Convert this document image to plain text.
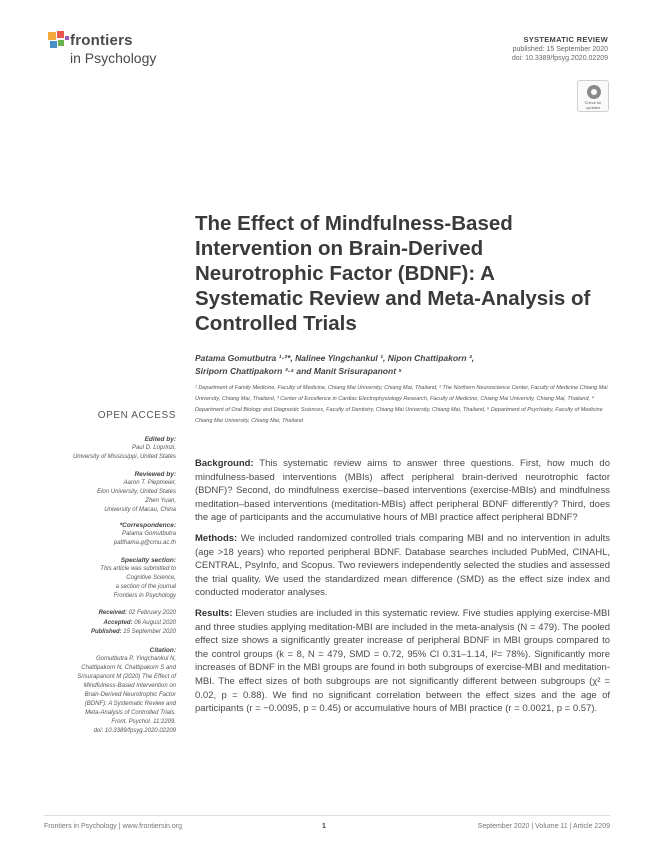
frontiers
in Psychology
SYSTEMATIC REVIEW
published: 15 September 2020
doi: 10.3389/fpsyg.2020.02209
Check for updates
The Effect of Mindfulness-Based Intervention on Brain-Derived Neurotrophic Factor (BDNF): A Systematic Review and Meta-Analysis of Controlled Trials
Patama Gomutbutra ¹·²*, Nalinee Yingchankul ¹, Nipon Chattipakorn ³,
Siriporn Chattipakorn ³·⁴ and Manit Srisurapanont ⁵
¹ Department of Family Medicine, Faculty of Medicine, Chiang Mai University, Chiang Mai, Thailand, ² The Northern Neuroscience Center, Faculty of Medicine Chiang Mai University, Chiang Mai, Thailand, ³ Center of Excellence in Cardiac Electrophysiology Research, Faculty of Medicine, Chiang Mai University, Chiang Mai, Thailand, ⁴ Department of Oral Biology and Diagnostic Sciences, Faculty of Dentistry, Chiang Mai University, Chiang Mai, Thailand, ⁵ Department of Psychiatry, Faculty of Medicine Chiang Mai University, Chiang Mai, Thailand
OPEN ACCESS
Edited by:
Paul D. Loprinzi,
University of Mississippi, United States
Reviewed by:
Aaron T. Piepmeier,
Elon University, United States
Zhen Yuan,
University of Macau, China
*Correspondence:
Patama Gomutbutra
patthama.g@cmu.ac.th
Specialty section:
This article was submitted to
Cognitive Science,
a section of the journal
Frontiers in Psychology
Received: 02 February 2020
Accepted: 06 August 2020
Published: 15 September 2020
Citation:
Gomutbutra P, Yingchankul N,
Chattipakorn N, Chattipakorn S and
Srisurapanont M (2020) The Effect of
Mindfulness-Based Intervention on
Brain-Derived Neurotrophic Factor
(BDNF): A Systematic Review and
Meta-Analysis of Controlled Trials.
Front. Psychol. 11:2209.
doi: 10.3389/fpsyg.2020.02209

Background: This systematic review aims to answer three questions. First, how much do mindfulness-based interventions (MBIs) affect peripheral brain-derived neurotrophic factor (BDNF)? Second, do mindfulness exercise–based interventions (exercise-MBIs) and mindfulness meditation–based interventions (meditation-MBIs) affect peripheral BDNF differently? Third, does the age of participants and the accumulative hours of MBI practice affect peripheral BDNF?

Methods: We included randomized controlled trials comparing MBI and no intervention in adults (age >18 years) who reported peripheral BDNF. Database searches included PubMed, CINAHL, CENTRAL, PsyInfo, and Scopus. Two reviewers independently selected the studies and assessed the trial quality. We used the standardized mean difference (SMD) as the effect size index and conducted moderator analyses.

Results: Eleven studies are included in this systematic review. Five studies applying exercise-MBI and three studies applying meditation-MBI are included in the meta-analysis (N = 479). The pooled effect size shows a significantly greater increase of peripheral BDNF in MBI groups compared to the control groups (k = 8, N = 479, SMD = 0.72, 95% CI 0.31–1.14, I²= 78%). Significantly more increases of BDNF in the MBI groups are found in both subgroups of exercise-MBI and meditation-MBI. The effect sizes of both subgroups are not significantly different between subgroups (χ² = 0.02, p = 0.88). We find no significant correlation between the effect sizes and the age of participants (r = −0.0095, p = 0.45) or accumulative hours of MBI practice (r = 0.0021, p = 0.57).

Frontiers in Psychology | www.frontiersin.org	1	September 2020 | Volume 11 | Article 2209
